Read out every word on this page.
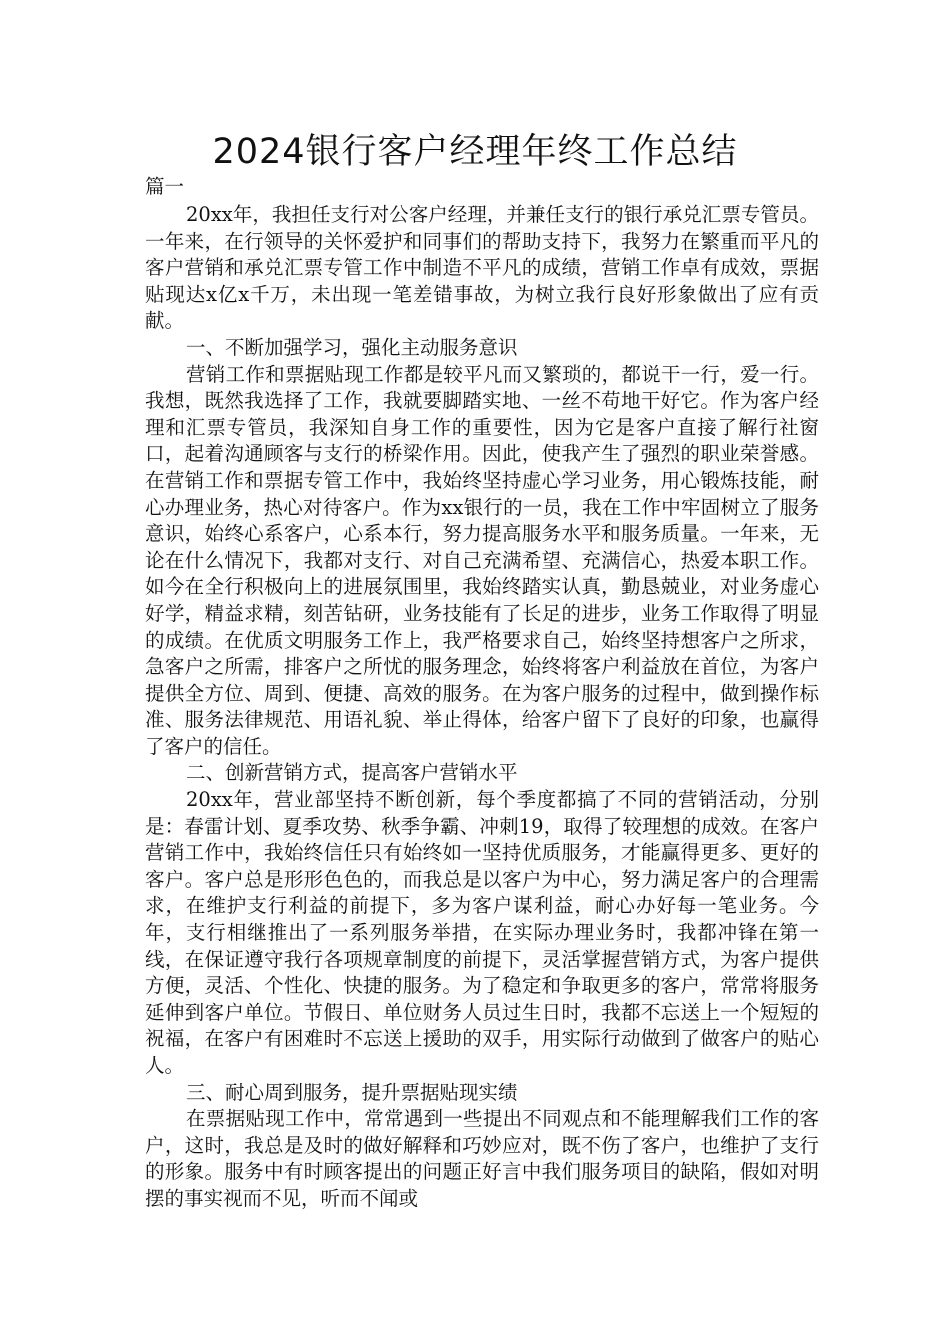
2024银行客户经理年终工作总结
篇一

20xx年，我担任支行对公客户经理，并兼任支行的银行承兑汇票专管员。一年来，在行领导的关怀爱护和同事们的帮助支持下，我努力在繁重而平凡的客户营销和承兑汇票专管工作中制造不平凡的成绩，营销工作卓有成效，票据贴现达x亿x千万，未出现一笔差错事故，为树立我行良好形象做出了应有贡献。

一、不断加强学习，强化主动服务意识

营销工作和票据贴现工作都是较平凡而又繁琐的，都说干一行，爱一行。我想，既然我选择了工作，我就要脚踏实地、一丝不苟地干好它。作为客户经理和汇票专管员，我深知自身工作的重要性，因为它是客户直接了解行社窗口，起着沟通顾客与支行的桥梁作用。因此，使我产生了强烈的职业荣誉感。在营销工作和票据专管工作中，我始终坚持虚心学习业务，用心锻炼技能，耐心办理业务，热心对待客户。作为xx银行的一员，我在工作中牢固树立了服务意识，始终心系客户，心系本行，努力提高服务水平和服务质量。一年来，无论在什么情况下，我都对支行、对自己充满希望、充满信心，热爱本职工作。如今在全行积极向上的进展氛围里，我始终踏实认真，勤恳兢业，对业务虚心好学，精益求精，刻苦钻研，业务技能有了长足的进步，业务工作取得了明显的成绩。在优质文明服务工作上，我严格要求自己，始终坚持想客户之所求，急客户之所需，排客户之所忧的服务理念，始终将客户利益放在首位，为客户提供全方位、周到、便捷、高效的服务。在为客户服务的过程中，做到操作标准、服务法律规范、用语礼貌、举止得体，给客户留下了良好的印象，也赢得了客户的信任。

二、创新营销方式，提高客户营销水平

20xx年，营业部坚持不断创新，每个季度都搞了不同的营销活动，分别是：春雷计划、夏季攻势、秋季争霸、冲刺19，取得了较理想的成效。在客户营销工作中，我始终信任只有始终如一坚持优质服务，才能赢得更多、更好的客户。客户总是形形色色的，而我总是以客户为中心，努力满足客户的合理需求，在维护支行利益的前提下，多为客户谋利益，耐心办好每一笔业务。今年，支行相继推出了一系列服务举措，在实际办理业务时，我都冲锋在第一线，在保证遵守我行各项规章制度的前提下，灵活掌握营销方式，为客户提供方便，灵活、个性化、快捷的服务。为了稳定和争取更多的客户，常常将服务延伸到客户单位。节假日、单位财务人员过生日时，我都不忘送上一个短短的祝福，在客户有困难时不忘送上援助的双手，用实际行动做到了做客户的贴心人。

三、耐心周到服务，提升票据贴现实绩

在票据贴现工作中，常常遇到一些提出不同观点和不能理解我们工作的客户，这时，我总是及时的做好解释和巧妙应对，既不伤了客户，也维护了支行的形象。服务中有时顾客提出的问题正好言中我们服务项目的缺陷，假如对明摆的事实视而不见，听而不闻或
